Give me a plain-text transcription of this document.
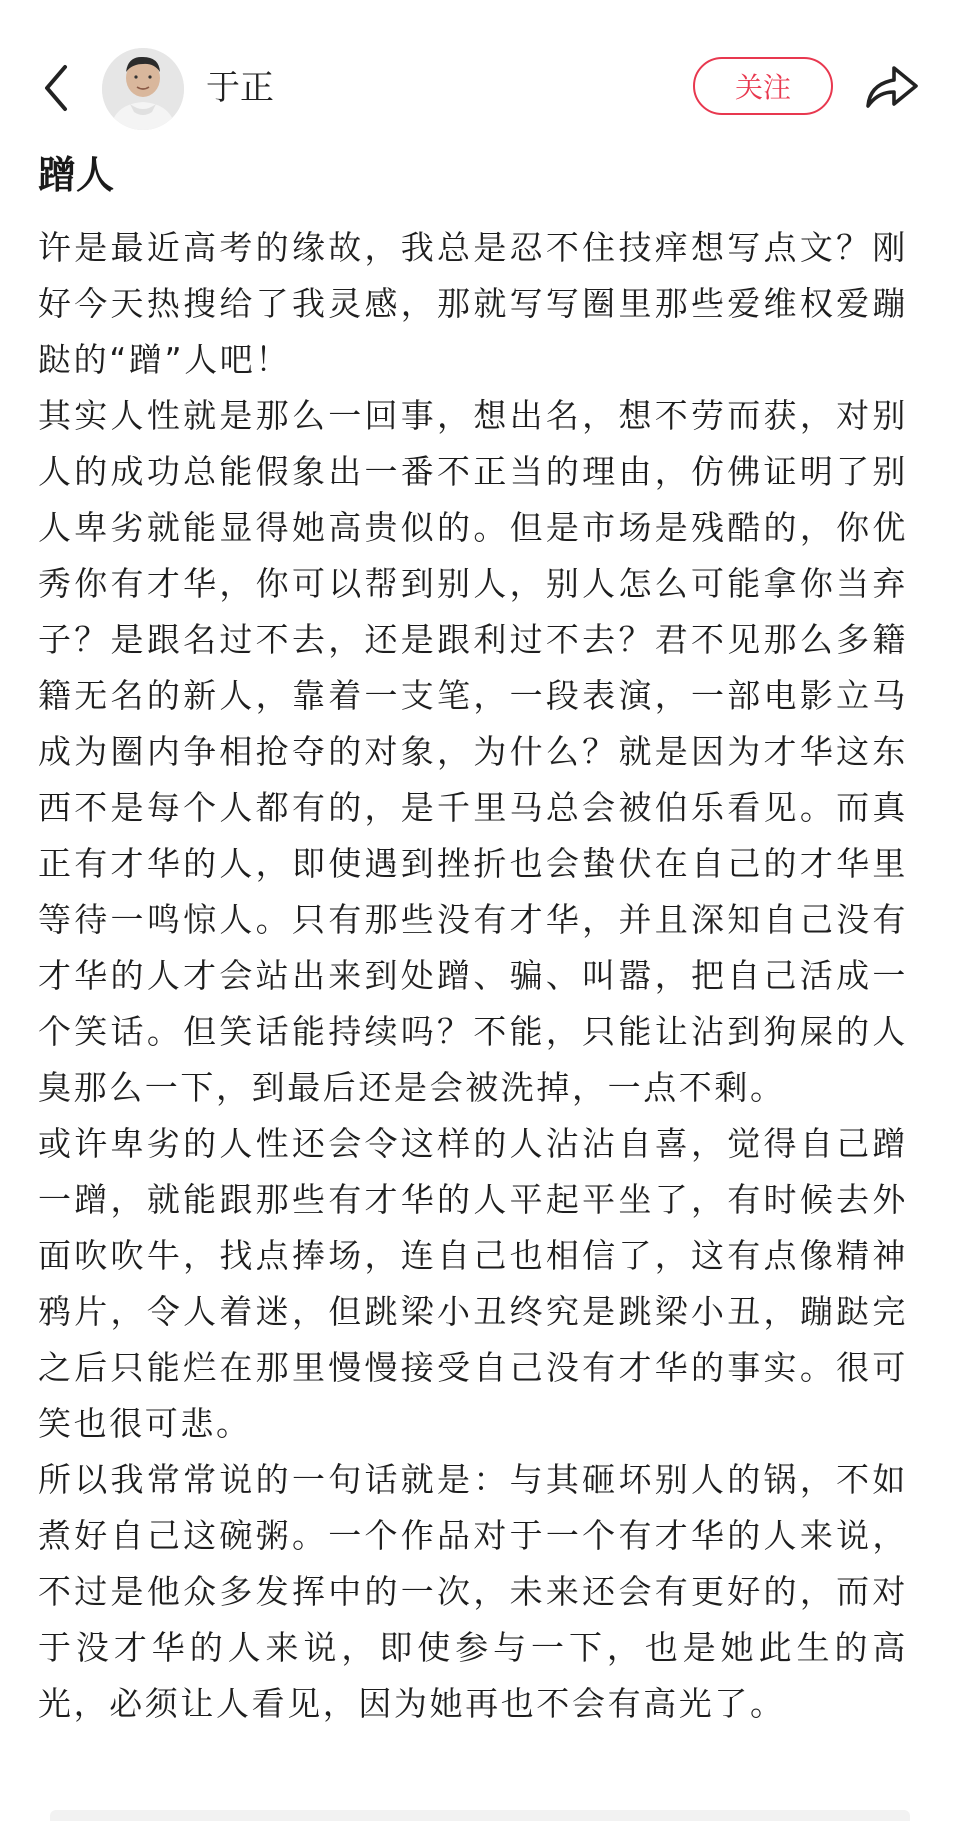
于正	关注
蹭人

许是最近高考的缘故，我总是忍不住技痒想写点文？刚好今天热搜给了我灵感，那就写写圈里那些爱维权爱蹦跶的“蹭”人吧！

其实人性就是那么一回事，想出名，想不劳而获，对别人的成功总能假象出一番不正当的理由，仿佛证明了别人卑劣就能显得她高贵似的。但是市场是残酷的，你优秀你有才华，你可以帮到别人，别人怎么可能拿你当弃子？是跟名过不去，还是跟利过不去？君不见那么多籍籍无名的新人，靠着一支笔，一段表演，一部电影立马成为圈内争相抢夺的对象，为什么？就是因为才华这东西不是每个人都有的，是千里马总会被伯乐看见。而真正有才华的人，即使遇到挫折也会蛰伏在自己的才华里等待一鸣惊人。只有那些没有才华，并且深知自己没有才华的人才会站出来到处蹭、骗、叫嚣，把自己活成一个笑话。但笑话能持续吗？不能，只能让沾到狗屎的人臭那么一下，到最后还是会被洗掉，一点不剩。

或许卑劣的人性还会令这样的人沾沾自喜，觉得自己蹭一蹭，就能跟那些有才华的人平起平坐了，有时候去外面吹吹牛，找点捧场，连自己也相信了，这有点像精神鸦片，令人着迷，但跳梁小丑终究是跳梁小丑，蹦跶完之后只能烂在那里慢慢接受自己没有才华的事实。很可笑也很可悲。

所以我常常说的一句话就是：与其砸坏别人的锅，不如煮好自己这碗粥。一个作品对于一个有才华的人来说，不过是他众多发挥中的一次，未来还会有更好的，而对于没才华的人来说，即使参与一下，也是她此生的高光，必须让人看见，因为她再也不会有高光了。
